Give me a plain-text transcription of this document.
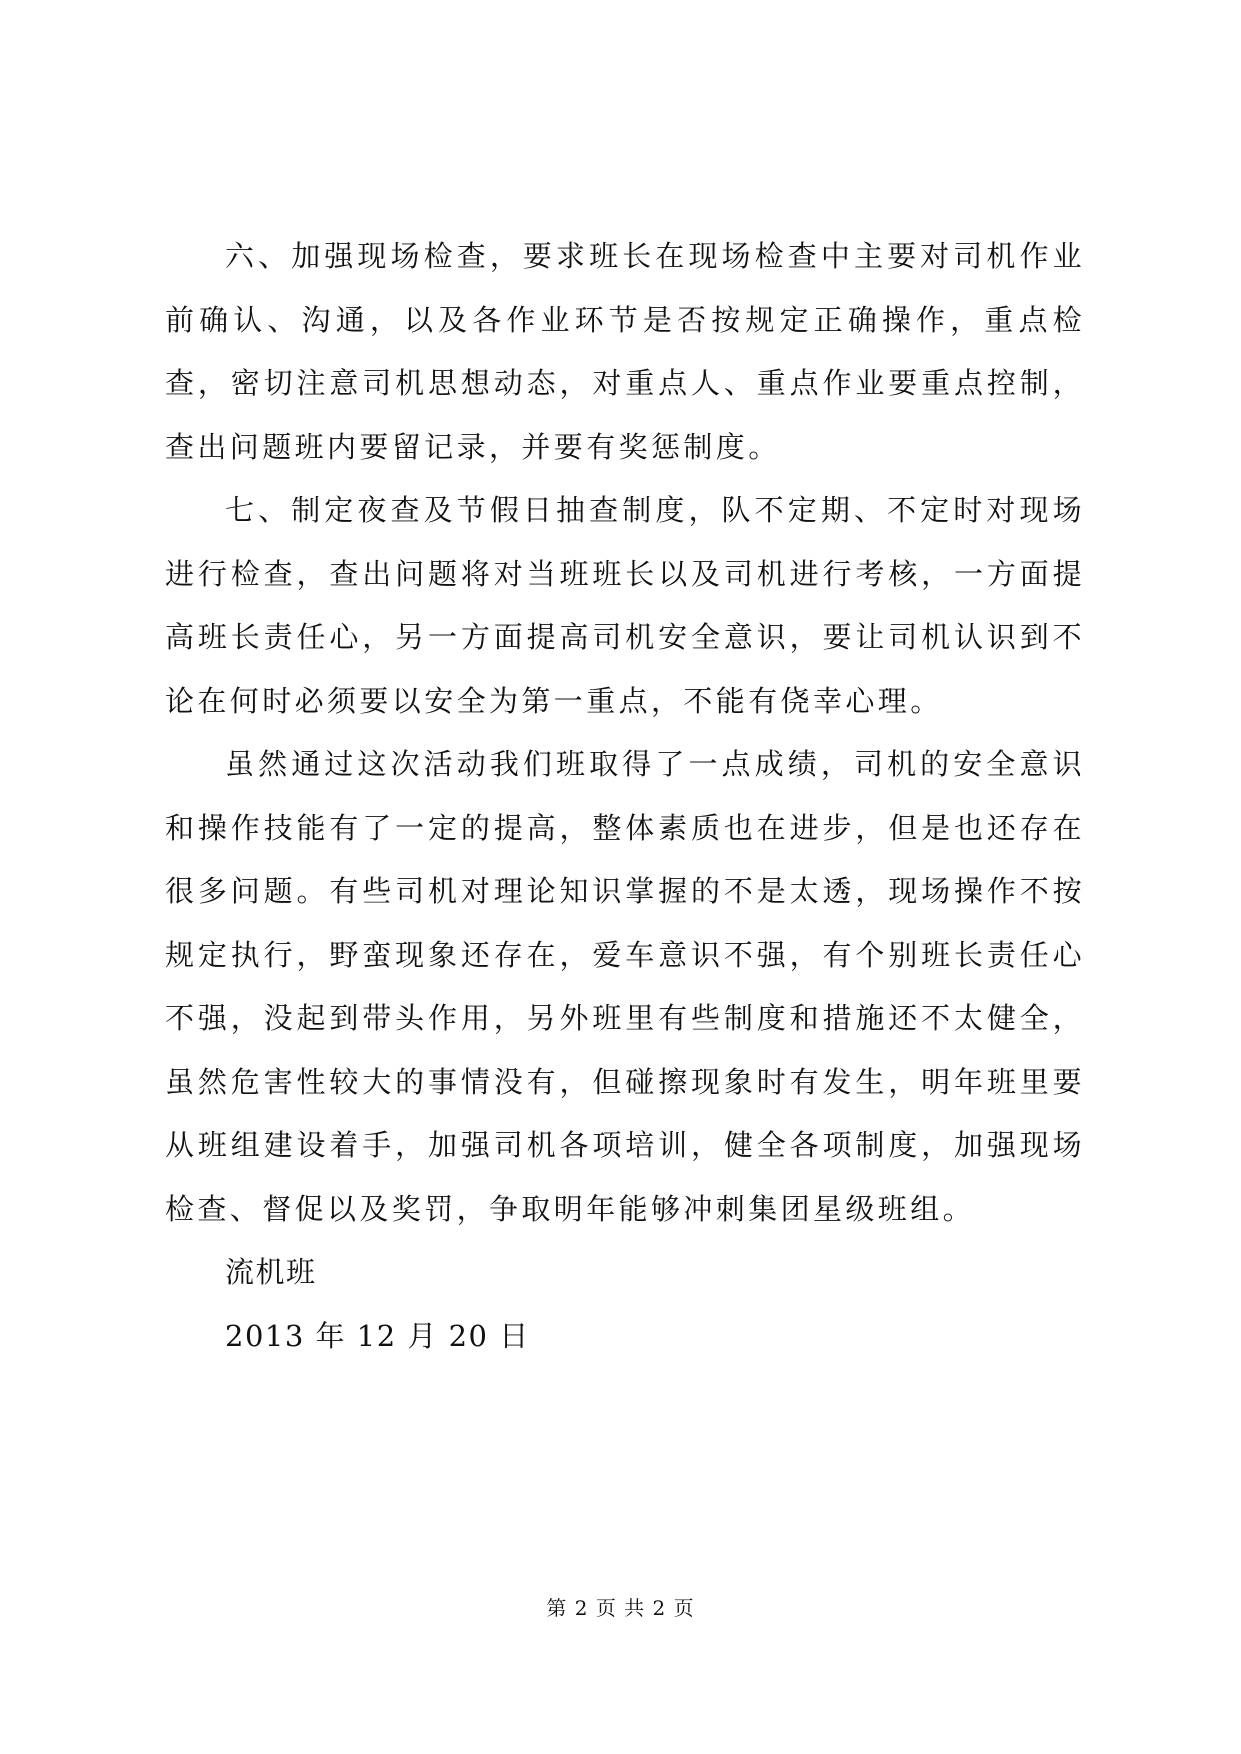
六、加强现场检查，要求班长在现场检查中主要对司机作业前确认、沟通，以及各作业环节是否按规定正确操作，重点检查，密切注意司机思想动态，对重点人、重点作业要重点控制，查出问题班内要留记录，并要有奖惩制度。

七、制定夜查及节假日抽查制度，队不定期、不定时对现场进行检查，查出问题将对当班班长以及司机进行考核，一方面提高班长责任心，另一方面提高司机安全意识，要让司机认识到不论在何时必须要以安全为第一重点，不能有侥幸心理。

虽然通过这次活动我们班取得了一点成绩，司机的安全意识和操作技能有了一定的提高，整体素质也在进步，但是也还存在很多问题。有些司机对理论知识掌握的不是太透，现场操作不按规定执行，野蛮现象还存在，爱车意识不强，有个别班长责任心不强，没起到带头作用，另外班里有些制度和措施还不太健全，虽然危害性较大的事情没有，但碰擦现象时有发生，明年班里要从班组建设着手，加强司机各项培训，健全各项制度，加强现场检查、督促以及奖罚，争取明年能够冲刺集团星级班组。

流机班

2013 年 12 月 20 日

第 2 页 共 2 页
